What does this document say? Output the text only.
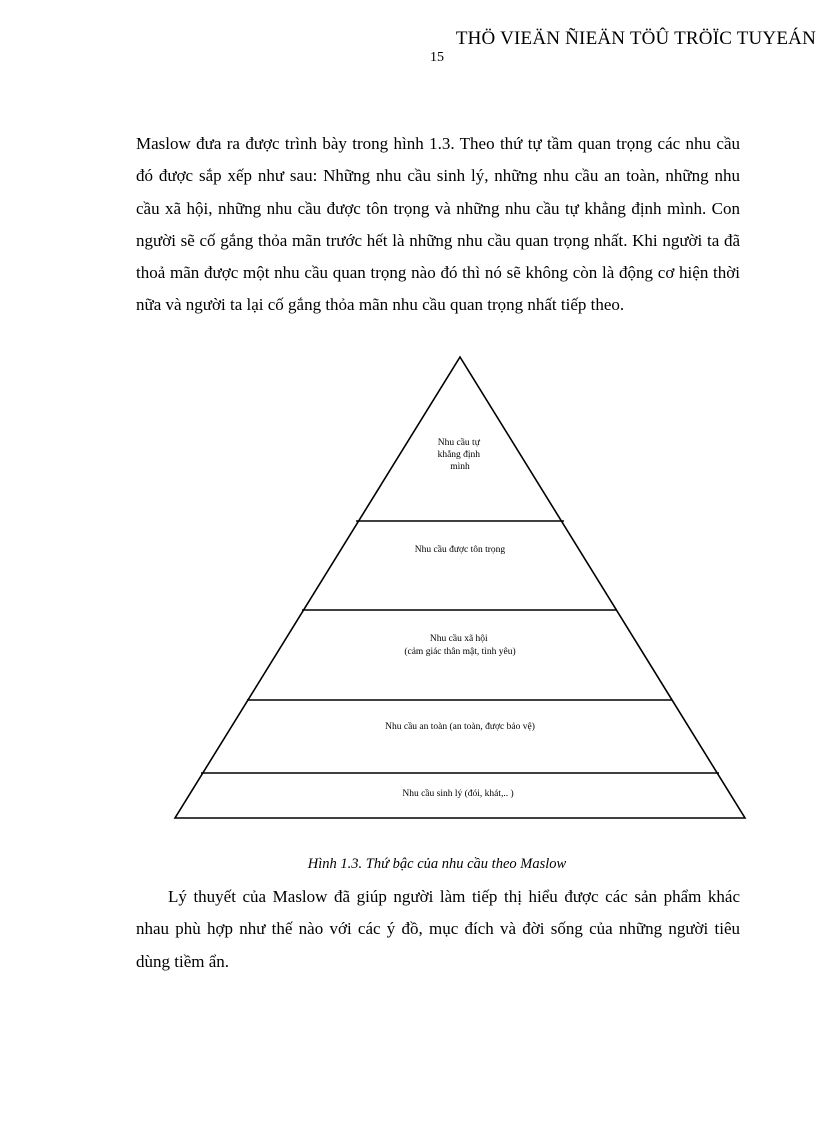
THÖ VIEÄN ÑIEÄN TÖÛ TRÖÏC TUYEÁN
15

Maslow đưa ra được trình bày trong hình 1.3. Theo thứ tự tầm quan trọng các nhu cầu đó được sắp xếp như sau: Những nhu cầu sinh lý, những nhu cầu an toàn, những nhu cầu xã hội, những nhu cầu được tôn trọng và những nhu cầu tự khẳng định mình. Con người sẽ cố gắng thỏa mãn trước hết là những nhu cầu quan trọng nhất. Khi người ta đã thoả mãn được một nhu cầu quan trọng nào đó thì nó sẽ không còn là động cơ hiện thời nữa và người ta lại cố gắng thỏa mãn nhu cầu quan trọng nhất tiếp theo.

Nhu cầu tự khẳng định mình
Nhu cầu được tôn trọng
Nhu cầu xã hội (cảm giác thân mật, tình yêu)
Nhu cầu an toàn (an toàn, được bảo vệ)
Nhu cầu sinh lý (đói, khát,.. )
Hình 1.3. Thứ bậc của nhu cầu theo Maslow

Lý thuyết của Maslow đã giúp người làm tiếp thị hiểu được các sản phẩm khác nhau phù hợp như thế nào với các ý đồ, mục đích và đời sống của những người tiêu dùng tiềm ẩn.
